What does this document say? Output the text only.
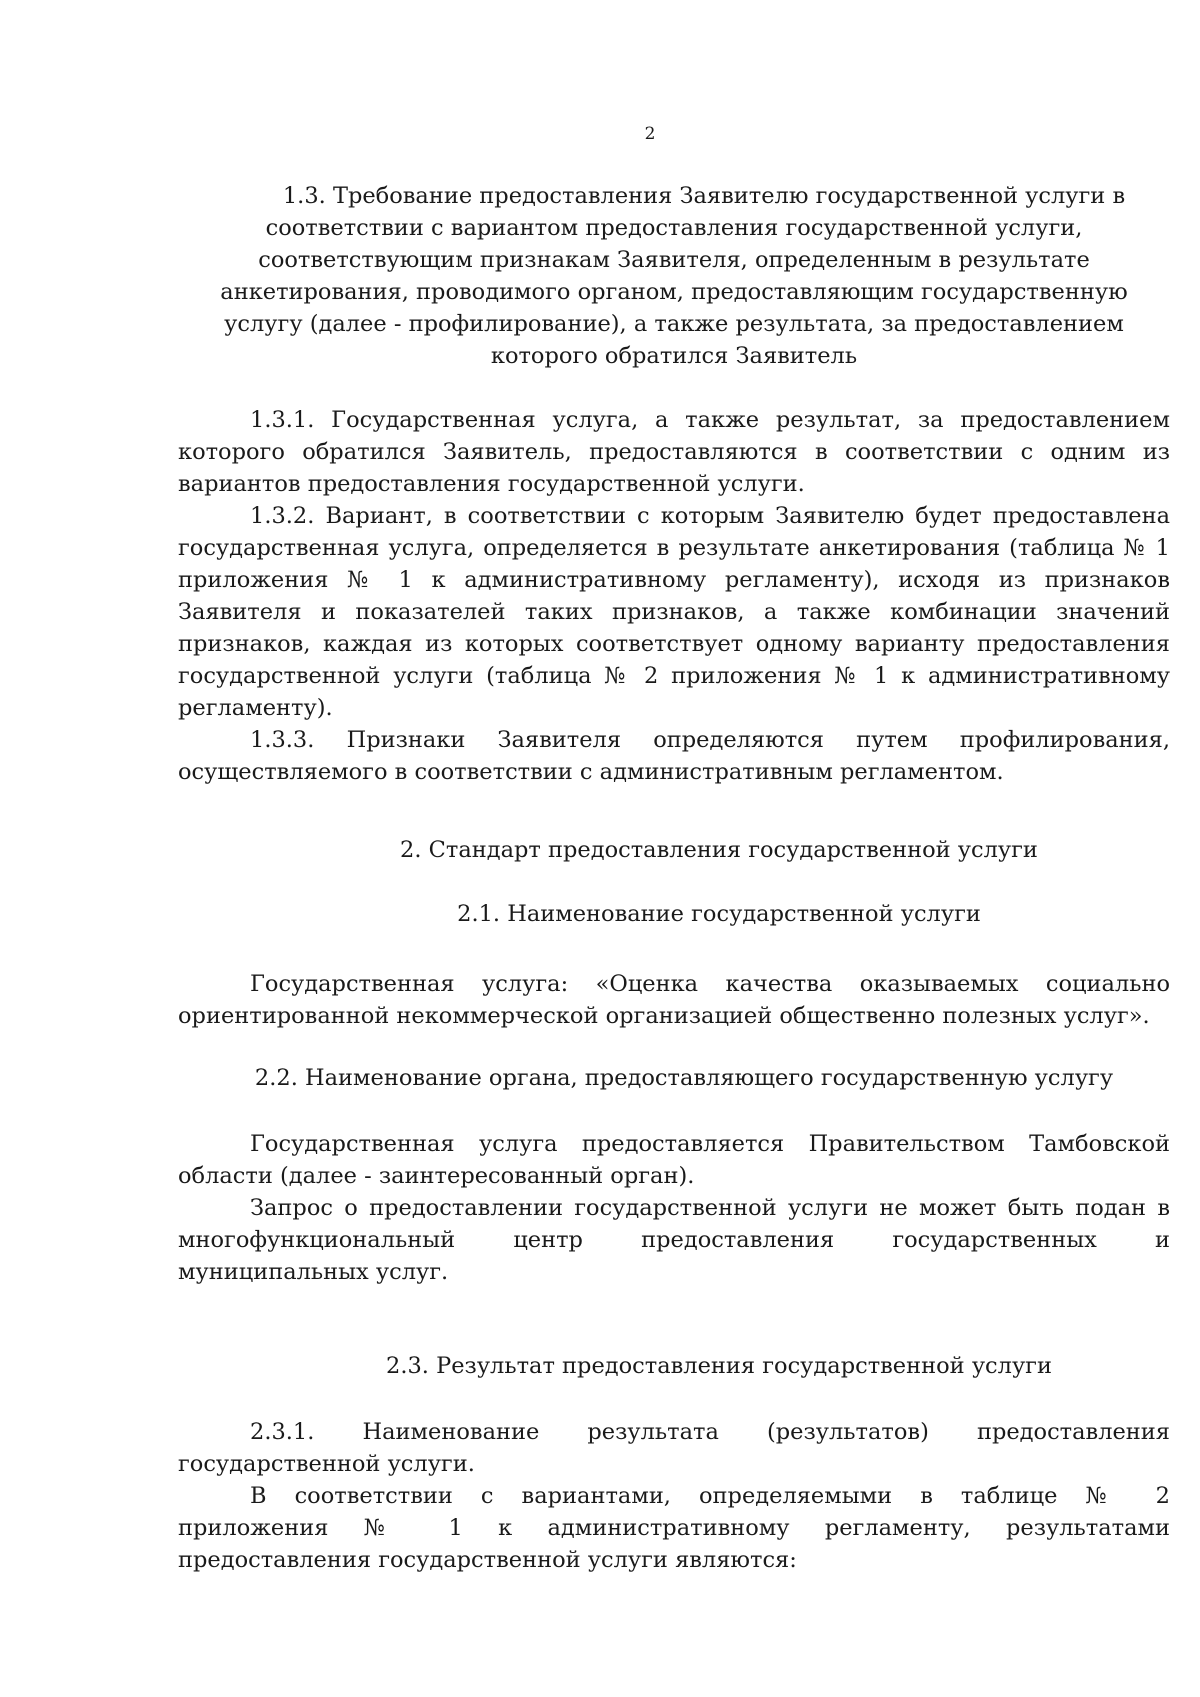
2
1.3. Требование предоставления Заявителю государственной услуги в
соответствии с вариантом предоставления государственной услуги,
соответствующим признакам Заявителя, определенным в результате
анкетирования, проводимого органом, предоставляющим государственную
услугу (далее - профилирование), а также результата, за предоставлением
которого обратился Заявитель
1.3.1. Государственная услуга, а также результат, за предоставлением
которого обратился Заявитель, предоставляются в соответствии с одним из
вариантов предоставления государственной услуги.
1.3.2. Вариант, в соответствии с которым Заявителю будет предоставлена
государственная услуга, определяется в результате анкетирования (таблица № 1
приложения № 1 к административному регламенту), исходя из признаков
Заявителя и показателей таких признаков, а также комбинации значений
признаков, каждая из которых соответствует одному варианту предоставления
государственной услуги (таблица № 2 приложения № 1 к административному
регламенту).
1.3.3. Признаки Заявителя определяются путем профилирования,
осуществляемого в соответствии с административным регламентом.
2. Стандарт предоставления государственной услуги
2.1. Наименование государственной услуги
Государственная услуга: «Оценка качества оказываемых социально
ориентированной некоммерческой организацией общественно полезных услуг».
2.2. Наименование органа, предоставляющего государственную услугу
Государственная услуга предоставляется Правительством Тамбовской
области (далее - заинтересованный орган).
Запрос о предоставлении государственной услуги не может быть подан в
многофункциональный центр предоставления государственных и
муниципальных услуг.
2.3. Результат предоставления государственной услуги
2.3.1. Наименование результата (результатов) предоставления
государственной услуги.
В соответствии с вариантами, определяемыми в таблице № 2
приложения № 1 к административному регламенту, результатами
предоставления государственной услуги являются:
